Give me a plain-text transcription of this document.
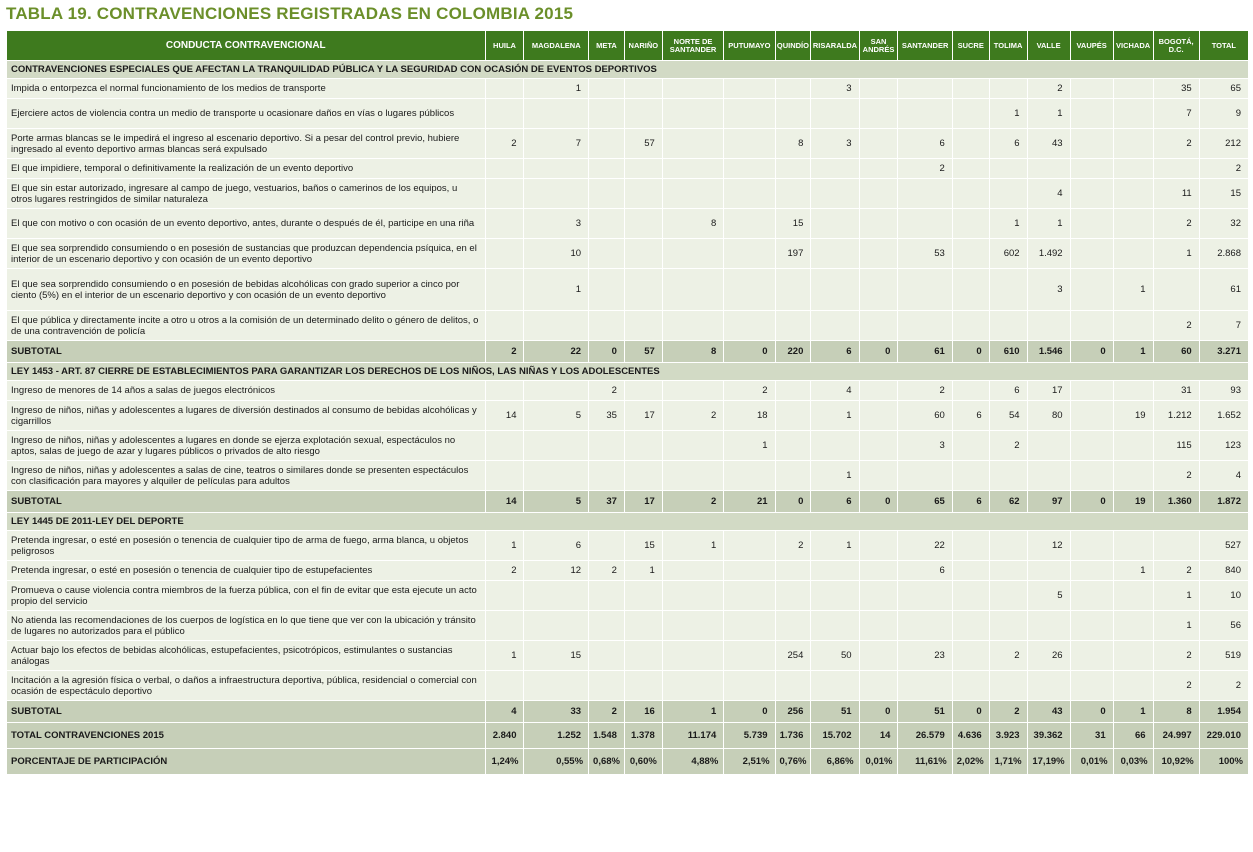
TABLA 19. CONTRAVENCIONES REGISTRADAS EN COLOMBIA 2015
CONDUCTA CONTRAVENCIONAL	HUILA	MAGDALENA	META	NARIÑO	NORTE DE SANTANDER	PUTUMAYO	QUINDÍO	RISARALDA	SAN ANDRÉS	SANTANDER	SUCRE	TOLIMA	VALLE	VAUPÉS	VICHADA	BOGOTÁ, D.C.	TOTAL
CONTRAVENCIONES ESPECIALES QUE AFECTAN LA TRANQUILIDAD PÚBLICA Y LA SEGURIDAD CON OCASIÓN DE EVENTOS DEPORTIVOS																	
Impida o entorpezca el normal funcionamiento de los medios de transporte		1						3					2			35	65
Ejerciere actos de violencia contra un medio de transporte u ocasionare daños en vías o lugares públicos												1	1			7	9
Porte armas blancas se le impedirá el ingreso al escenario deportivo. Si a pesar del control previo, hubiere ingresado al evento deportivo armas blancas será expulsado	2	7		57			8	3		6		6	43			2	212
El que impidiere, temporal o definitivamente la realización de un evento deportivo										2							2
El que sin estar autorizado, ingresare al campo de juego, vestuarios, baños o camerinos de los equipos, u otros lugares restringidos de similar naturaleza													4			11	15
El que con motivo o con ocasión de un evento deportivo, antes, durante o después de él, participe en una riña		3			8		15					1	1			2	32
El que sea sorprendido consumiendo o en posesión de sustancias que produzcan dependencia psíquica, en el interior de un escenario deportivo y con ocasión de un evento deportivo		10					197			53		602	1.492			1	2.868
El que sea sorprendido consumiendo o en posesión de bebidas alcohólicas con grado superior a cinco por ciento (5%) en el interior de un escenario deportivo y con ocasión de un evento deportivo		1											3		1		61
El que pública y directamente incite a otro u otros a la comisión de un determinado delito o género de delitos, o de una contravención de policía																2	7
SUBTOTAL	2	22	0	57	8	0	220	6	0	61	0	610	1.546	0	1	60	3.271
LEY 1453 - ART. 87 CIERRE DE ESTABLECIMIENTOS PARA GARANTIZAR LOS DERECHOS DE LOS NIÑOS, LAS NIÑAS Y LOS ADOLESCENTES																	
Ingreso de menores de 14 años a salas de juegos electrónicos			2			2		4		2		6	17			31	93
Ingreso de niños, niñas y adolescentes a lugares de diversión destinados al consumo de bebidas alcohólicas y cigarrillos	14	5	35	17	2	18		1		60	6	54	80		19	1.212	1.652
Ingreso de niños, niñas y adolescentes a lugares en donde se ejerza explotación sexual, espectáculos no aptos, salas de juego de azar y lugares públicos o privados de alto riesgo						1				3		2				115	123
Ingreso de niños, niñas y adolescentes a salas de cine, teatros o similares donde se presenten espectáculos con clasificación para mayores y alquiler de películas para adultos								1								2	4
SUBTOTAL	14	5	37	17	2	21	0	6	0	65	6	62	97	0	19	1.360	1.872
LEY 1445 DE 2011-LEY DEL DEPORTE																	
Pretenda ingresar, o esté en posesión o tenencia de cualquier tipo de arma de fuego, arma blanca, u objetos peligrosos	1	6		15	1		2	1		22			12				527
Pretenda ingresar, o esté en posesión o tenencia de cualquier tipo de estupefacientes	2	12	2	1						6					1	2	840
Promueva o cause violencia contra miembros de la fuerza pública, con el fin de evitar que esta ejecute un acto propio del servicio													5			1	10
No atienda las recomendaciones de los cuerpos de logística en lo que tiene que ver con la ubicación y tránsito de lugares no autorizados para el público																1	56
Actuar bajo los efectos de bebidas alcohólicas, estupefacientes, psicotrópicos, estimulantes o sustancias análogas	1	15					254	50		23		2	26			2	519
Incitación a la agresión física o verbal, o daños a infraestructura deportiva, pública, residencial o comercial con ocasión de espectáculo deportivo																2	2
SUBTOTAL	4	33	2	16	1	0	256	51	0	51	0	2	43	0	1	8	1.954
TOTAL CONTRAVENCIONES 2015	2.840	1.252	1.548	1.378	11.174	5.739	1.736	15.702	14	26.579	4.636	3.923	39.362	31	66	24.997	229.010
PORCENTAJE DE PARTICIPACIÓN	1,24%	0,55%	0,68%	0,60%	4,88%	2,51%	0,76%	6,86%	0,01%	11,61%	2,02%	1,71%	17,19%	0,01%	0,03%	10,92%	100%
